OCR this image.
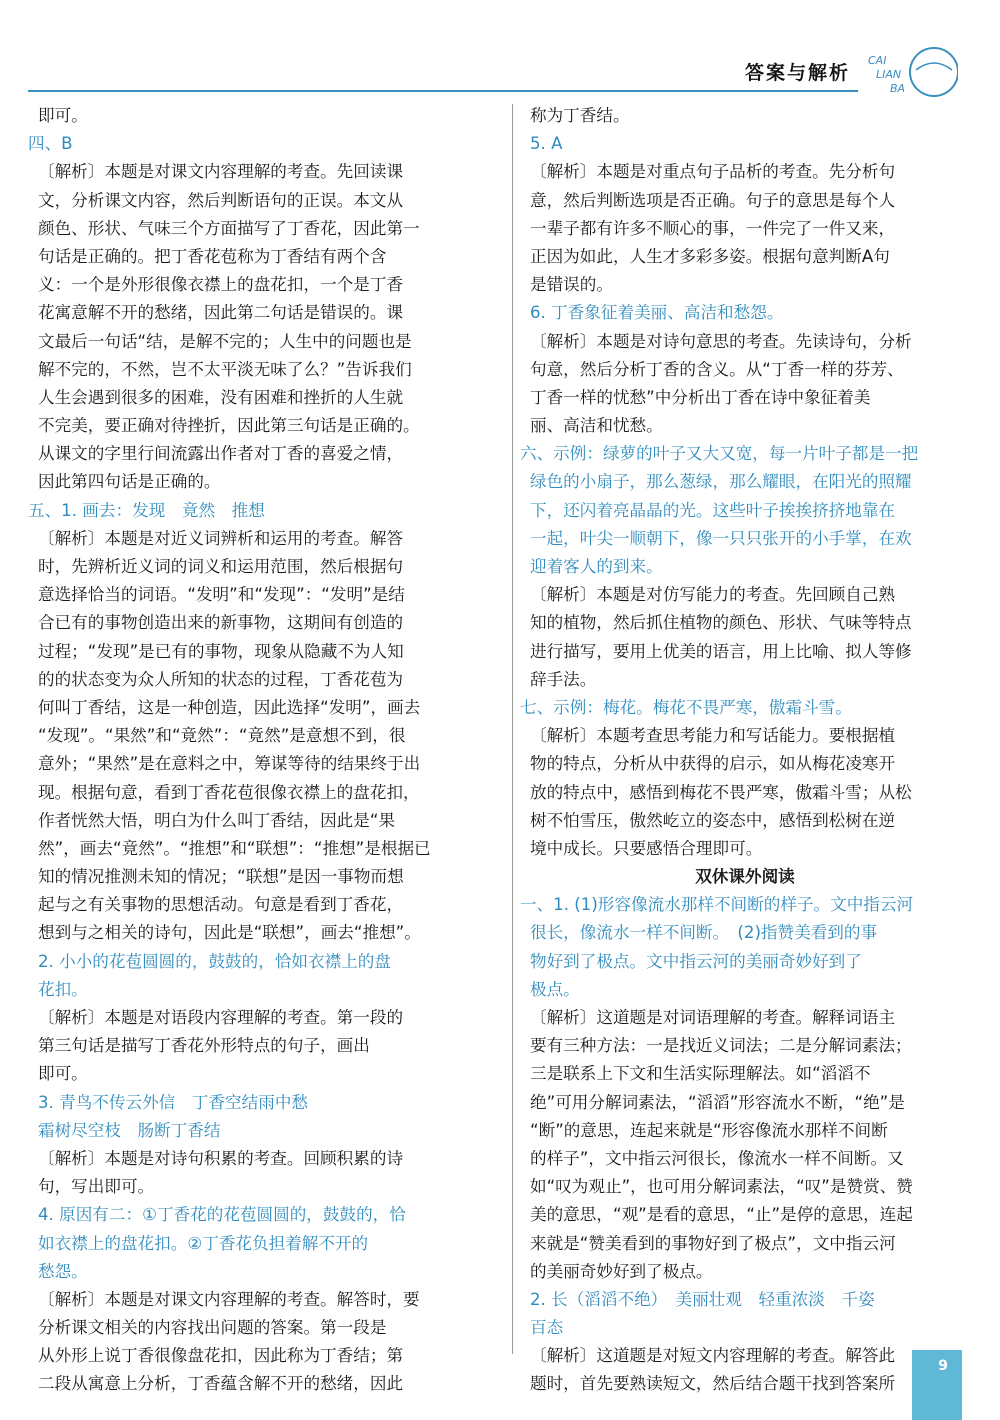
答案与解析
CAI
LIAN
BA
即可。
四、B
〔解析〕本题是对课文内容理解的考查。先回读课
文，分析课文内容，然后判断语句的正误。本文从
颜色、形状、气味三个方面描写了丁香花，因此第一
句话是正确的。把丁香花苞称为丁香结有两个含
义：一个是外形很像衣襟上的盘花扣，一个是丁香
花寓意解不开的愁绪，因此第二句话是错误的。课
文最后一句话“结，是解不完的；人生中的问题也是
解不完的，不然，岂不太平淡无味了么？”告诉我们
人生会遇到很多的困难，没有困难和挫折的人生就
不完美，要正确对待挫折，因此第三句话是正确的。
从课文的字里行间流露出作者对丁香的喜爱之情，
因此第四句话是正确的。
五、1. 画去：发现　竟然　推想
〔解析〕本题是对近义词辨析和运用的考查。解答
时，先辨析近义词的词义和运用范围，然后根据句
意选择恰当的词语。“发明”和“发现”：“发明”是结
合已有的事物创造出来的新事物，这期间有创造的
过程；“发现”是已有的事物，现象从隐藏不为人知
的的状态变为众人所知的状态的过程，丁香花苞为
何叫丁香结，这是一种创造，因此选择“发明”，画去
“发现”。“果然”和“竟然”：“竟然”是意想不到，很
意外；“果然”是在意料之中，筹谋等待的结果终于出
现。根据句意，看到丁香花苞很像衣襟上的盘花扣，
作者恍然大悟，明白为什么叫丁香结，因此是“果
然”，画去“竟然”。“推想”和“联想”：“推想”是根据已
知的情况推测未知的情况；“联想”是因一事物而想
起与之有关事物的思想活动。句意是看到丁香花，
想到与之相关的诗句，因此是“联想”，画去“推想”。
2. 小小的花苞圆圆的，鼓鼓的，恰如衣襟上的盘
花扣。
〔解析〕本题是对语段内容理解的考查。第一段的
第三句话是描写丁香花外形特点的句子，画出
即可。
3. 青鸟不传云外信　丁香空结雨中愁
霜树尽空枝　肠断丁香结
〔解析〕本题是对诗句积累的考查。回顾积累的诗
句，写出即可。
4. 原因有二：①丁香花的花苞圆圆的，鼓鼓的，恰
如衣襟上的盘花扣。②丁香花负担着解不开的
愁怨。
〔解析〕本题是对课文内容理解的考查。解答时，要
分析课文相关的内容找出问题的答案。第一段是
从外形上说丁香很像盘花扣，因此称为丁香结；第
二段从寓意上分析，丁香蕴含解不开的愁绪，因此
称为丁香结。
5. A
〔解析〕本题是对重点句子品析的考查。先分析句
意，然后判断选项是否正确。句子的意思是每个人
一辈子都有许多不顺心的事，一件完了一件又来，
正因为如此，人生才多彩多姿。根据句意判断A句
是错误的。
6. 丁香象征着美丽、高洁和愁怨。
〔解析〕本题是对诗句意思的考查。先读诗句，分析
句意，然后分析丁香的含义。从“丁香一样的芬芳、
丁香一样的忧愁”中分析出丁香在诗中象征着美
丽、高洁和忧愁。
六、示例：绿萝的叶子又大又宽，每一片叶子都是一把
绿色的小扇子，那么葱绿，那么耀眼，在阳光的照耀
下，还闪着亮晶晶的光。这些叶子挨挨挤挤地靠在
一起，叶尖一顺朝下，像一只只张开的小手掌，在欢
迎着客人的到来。
〔解析〕本题是对仿写能力的考查。先回顾自己熟
知的植物，然后抓住植物的颜色、形状、气味等特点
进行描写，要用上优美的语言，用上比喻、拟人等修
辞手法。
七、示例：梅花。梅花不畏严寒，傲霜斗雪。
〔解析〕本题考查思考能力和写话能力。要根据植
物的特点，分析从中获得的启示，如从梅花凌寒开
放的特点中，感悟到梅花不畏严寒，傲霜斗雪；从松
树不怕雪压，傲然屹立的姿态中，感悟到松树在逆
境中成长。只要感悟合理即可。
双休课外阅读
一、1. (1)形容像流水那样不间断的样子。文中指云河
很长，像流水一样不间断。　(2)指赞美看到的事
物好到了极点。文中指云河的美丽奇妙好到了
极点。
〔解析〕这道题是对词语理解的考查。解释词语主
要有三种方法：一是找近义词法；二是分解词素法；
三是联系上下文和生活实际理解法。如“滔滔不
绝”可用分解词素法，“滔滔”形容流水不断，“绝”是
“断”的意思，连起来就是“形容像流水那样不间断
的样子”，文中指云河很长，像流水一样不间断。又
如“叹为观止”，也可用分解词素法，“叹”是赞赏、赞
美的意思，“观”是看的意思，“止”是停的意思，连起
来就是“赞美看到的事物好到了极点”，文中指云河
的美丽奇妙好到了极点。
2. 长（滔滔不绝）　美丽壮观　轻重浓淡　千姿
百态
〔解析〕这道题是对短文内容理解的考查。解答此
题时，首先要熟读短文，然后结合题干找到答案所
9
